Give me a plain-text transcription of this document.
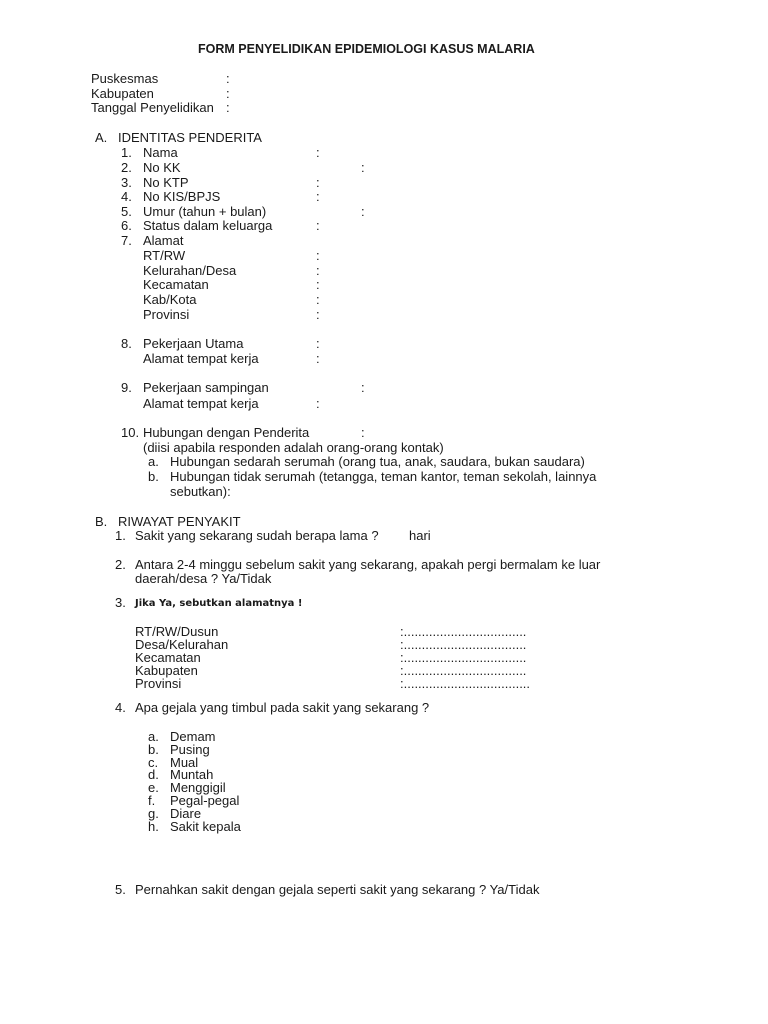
FORM PENYELIDIKAN EPIDEMIOLOGI KASUS MALARIA
Puskesmas	:
Kabupaten	:
Tanggal Penyelidikan :
A. IDENTITAS PENDERITA
1. Nama	:
2. No KK	:
3. No KTP	:
4. No KIS/BPJS	:
5. Umur (tahun + bulan)	:
6. Status dalam keluarga	:
7. Alamat
RT/RW	:
Kelurahan/Desa	:
Kecamatan	:
Kab/Kota	:
Provinsi	:
8. Pekerjaan Utama	:
Alamat tempat kerja	:
9. Pekerjaan sampingan	:
Alamat tempat kerja	:
10. Hubungan dengan Penderita	:
(diisi apabila responden adalah orang-orang kontak)
a. Hubungan sedarah serumah (orang tua, anak, saudara, bukan saudara)
b. Hubungan tidak serumah (tetangga, teman kantor, teman sekolah, lainnya
sebutkan):
B. RIWAYAT PENYAKIT
1. Sakit yang sekarang sudah berapa lama ? hari
2. Antara 2-4 minggu sebelum sakit yang sekarang, apakah pergi bermalam ke luar
daerah/desa ? Ya/Tidak
3. Jika Ya, sebutkan alamatnya !
RT/RW/Dusun	:..................................
Desa/Kelurahan	:..................................
Kecamatan	:..................................
Kabupaten	:..................................
Provinsi	:...................................
4. Apa gejala yang timbul pada sakit yang sekarang ?
a. Demam
b. Pusing
c. Mual
d. Muntah
e. Menggigil
f. Pegal-pegal
g. Diare
h. Sakit kepala
5. Pernahkan sakit dengan gejala seperti sakit yang sekarang ? Ya/Tidak
